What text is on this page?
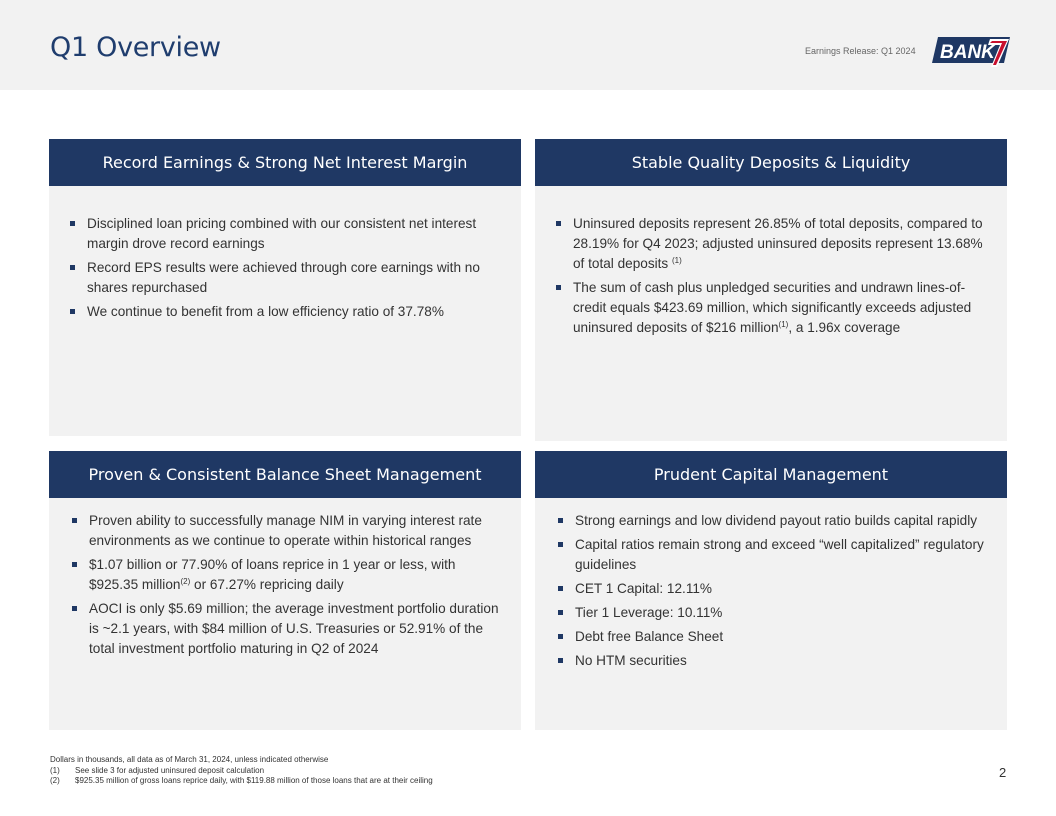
Q1 Overview	Earnings Release: Q1 2024 BANK
Record Earnings & Strong Net Interest Margin
Disciplined loan pricing combined with our consistent net interest margin drove record earnings
Record EPS results were achieved through core earnings with no shares repurchased
We continue to benefit from a low efficiency ratio of 37.78%
Stable Quality Deposits & Liquidity
Uninsured deposits represent 26.85% of total deposits, compared to 28.19% for Q4 2023; adjusted uninsured deposits represent 13.68% of total deposits $^{(1)}$
The sum of cash plus unpledged securities and undrawn lines-of-credit equals $423.69 million, which significantly exceeds adjusted uninsured deposits of $216 million$^{(1)}$, a 1.96x coverage
Proven & Consistent Balance Sheet Management
Proven ability to successfully manage NIM in varying interest rate environments as we continue to operate within historical ranges
$1.07 billion or 77.90% of loans reprice in 1 year or less, with $925.35 million$^{(2)}$ or 67.27% repricing daily
AOCI is only $5.69 million; the average investment portfolio duration is ~2.1 years, with $84 million of U.S. Treasuries or 52.91% of the total investment portfolio maturing in Q2 of 2024
Prudent Capital Management
Strong earnings and low dividend payout ratio builds capital rapidly
Capital ratios remain strong and exceed “well capitalized” regulatory guidelines
CET 1 Capital: 12.11%
Tier 1 Leverage: 10.11%
Debt free Balance Sheet
No HTM securities
Dollars in thousands, all data as of March 31, 2024, unless indicated otherwise
(1)	See slide 3 for adjusted uninsured deposit calculation
(2)	$925.35 million of gross loans reprice daily, with $119.88 million of those loans that are at their ceiling
2
